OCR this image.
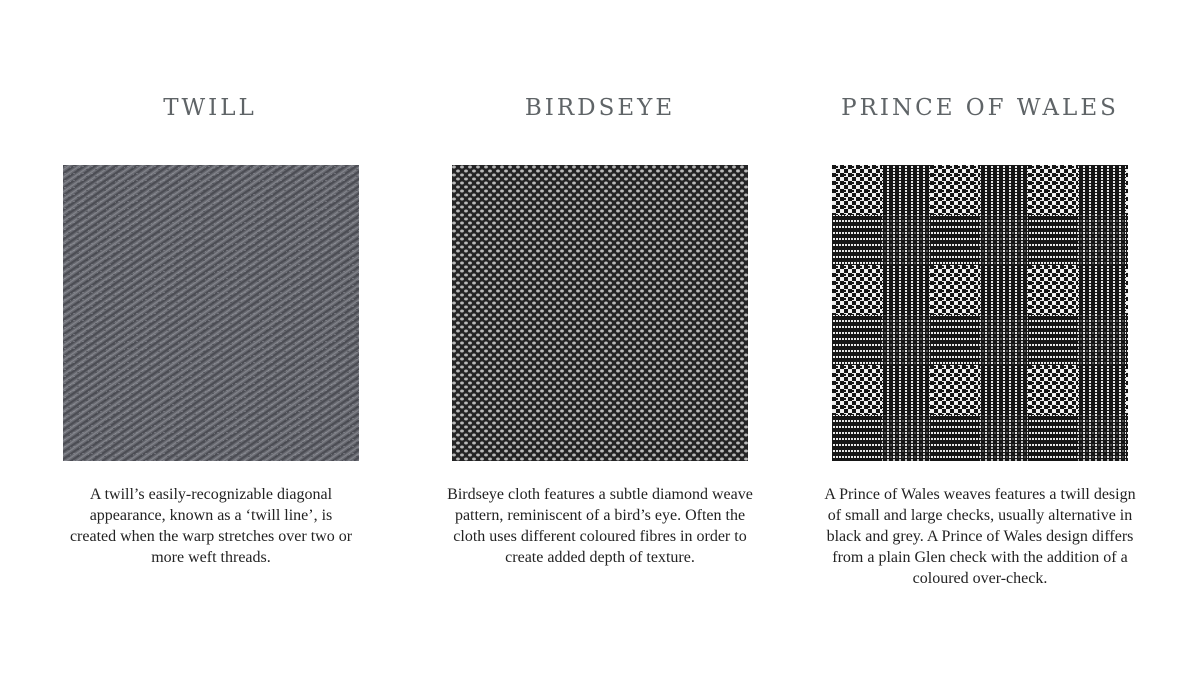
TWILL

A twill’s easily-recognizable diagonal appearance, known as a ‘twill line’, is created when the warp stretches over two or more weft threads.

BIRDSEYE

Birdseye cloth features a subtle diamond weave pattern, reminiscent of a bird’s eye. Often the cloth uses different coloured fibres in order to create added depth of texture.

PRINCE OF WALES

A Prince of Wales weaves features a twill design of small and large checks, usually alternative in black and grey. A Prince of Wales design differs from a plain Glen check with the addition of a coloured over-check.
